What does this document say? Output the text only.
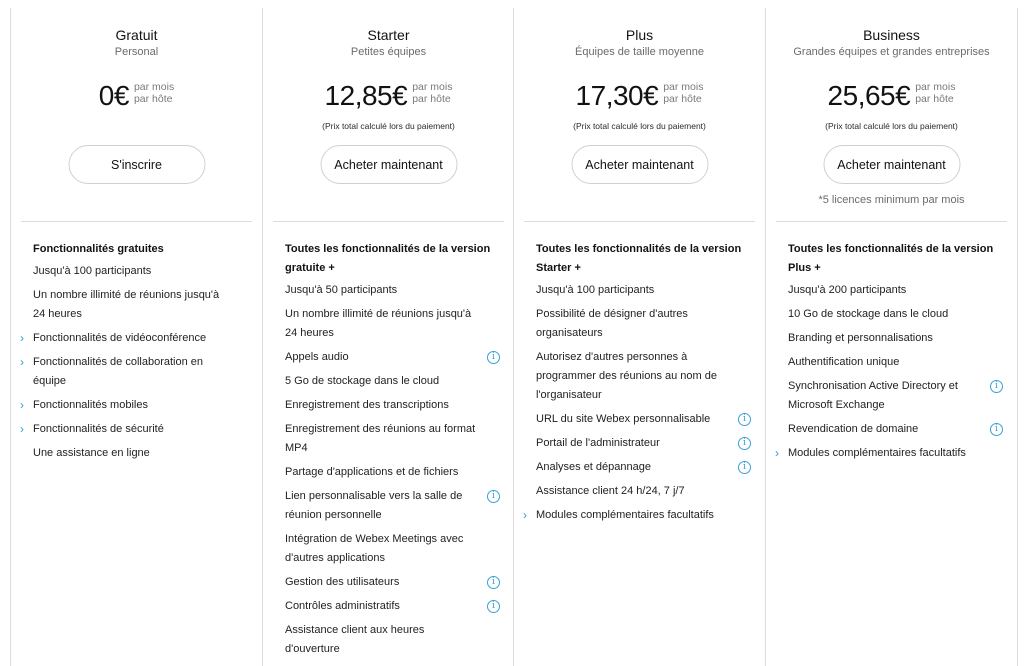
Gratuit
Personal
0€ par mois
par hôte
S'inscrire
Fonctionnalités gratuites
Jusqu'à 100 participants
Un nombre illimité de réunions jusqu'à 24 heures
› Fonctionnalités de vidéoconférence
› Fonctionnalités de collaboration en équipe
› Fonctionnalités mobiles
› Fonctionnalités de sécurité
Une assistance en ligne
Starter
Petites équipes
12,85€ par mois
par hôte
(Prix total calculé lors du paiement)
Acheter maintenant
Toutes les fonctionnalités de la version gratuite +
Jusqu'à 50 participants
Un nombre illimité de réunions jusqu'à 24 heures
Appels audio	i
5 Go de stockage dans le cloud
Enregistrement des transcriptions
Enregistrement des réunions au format MP4
Partage d'applications et de fichiers
Lien personnalisable vers la salle de réunion personnelle
i
Intégration de Webex Meetings avec d'autres applications
Gestion des utilisateurs	i
Contrôles administratifs	i
Assistance client aux heures d'ouverture
Plus
Équipes de taille moyenne
17,30€ par mois
par hôte
(Prix total calculé lors du paiement)
Acheter maintenant
Toutes les fonctionnalités de la version Starter +
Jusqu'à 100 participants
Possibilité de désigner d'autres organisateurs
Autorisez d'autres personnes à programmer des réunions au nom de l'organisateur
URL du site Webex personnalisable	i
Portail de l'administrateur	i
Analyses et dépannage	i
Assistance client 24 h/24, 7 j/7
› Modules complémentaires facultatifs
Business
Grandes équipes et grandes entreprises
25,65€ par mois
par hôte
(Prix total calculé lors du paiement)
Acheter maintenant
*5 licences minimum par mois
Toutes les fonctionnalités de la version Plus +
Jusqu'à 200 participants
10 Go de stockage dans le cloud
Branding et personnalisations
Authentification unique
Synchronisation Active Directory et Microsoft Exchange
i
Revendication de domaine	i
› Modules complémentaires facultatifs
